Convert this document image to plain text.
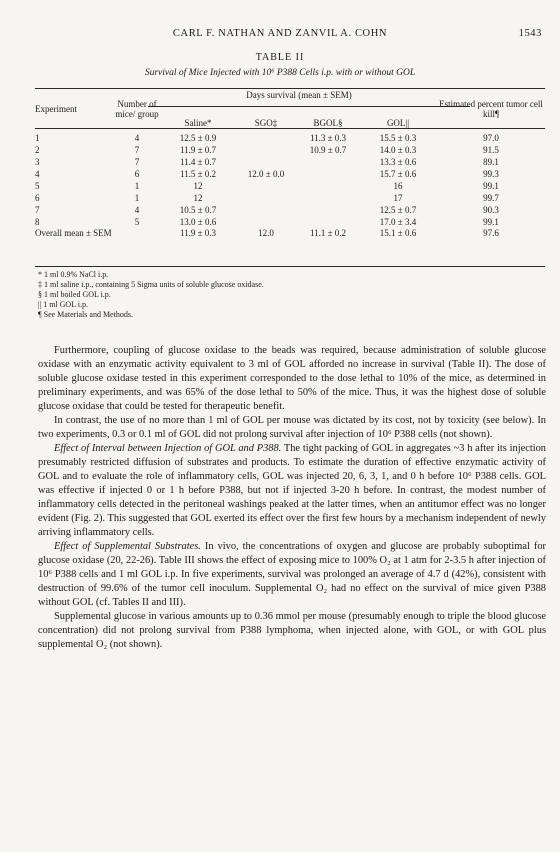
CARL F. NATHAN AND ZANVIL A. COHN	1543
TABLE II
Survival of Mice Injected with 10⁶ P388 Cells i.p. with or without GOL
Experiment	Number of mice/ group	Days survival (mean ± SEM)				Estimated percent tumor cell kill¶
		Saline*	SGO‡	BGOL§	GOL||	

1	4	12.5 ± 0.9		11.3 ± 0.3	15.5 ± 0.3	97.0
2	7	11.9 ± 0.7		10.9 ± 0.7	14.0 ± 0.3	91.5
3	7	11.4 ± 0.7			13.3 ± 0.6	89.1
4	6	11.5 ± 0.2	12.0 ± 0.0		15.7 ± 0.6	99.3
5	1	12			16	99.1
6	1	12			17	99.7
7	4	10.5 ± 0.7			12.5 ± 0.7	90.3
8	5	13.0 ± 0.6			17.0 ± 3.4	99.1
Overall mean ± SEM		11.9 ± 0.3	12.0	11.1 ± 0.2	15.1 ± 0.6	97.6
* 1 ml 0.9% NaCl i.p.
‡ 1 ml saline i.p., containing 5 Sigma units of soluble glucose oxidase.
§ 1 ml boiled GOL i.p.
|| 1 ml GOL i.p.
¶ See Materials and Methods.

Furthermore, coupling of glucose oxidase to the beads was required, because administration of soluble glucose oxidase with an enzymatic activity equivalent to 3 ml of GOL afforded no increase in survival (Table II). The dose of soluble glucose oxidase tested in this experiment corresponded to the dose lethal to 10% of the mice, as determined in preliminary experiments, and was 65% of the dose lethal to 50% of the mice. Thus, it was the highest dose of soluble glucose oxidase that could be tested for therapeutic benefit.

In contrast, the use of no more than 1 ml of GOL per mouse was dictated by its cost, not by toxicity (see below). In two experiments, 0.3 or 0.1 ml of GOL did not prolong survival after injection of 10⁶ P388 cells (not shown).

Effect of Interval between Injection of GOL and P388. The tight packing of GOL in aggregates ~3 h after its injection presumably restricted diffusion of substrates and products. To estimate the duration of effective enzymatic activity of GOL and to evaluate the role of inflammatory cells, GOL was injected 20, 6, 3, 1, and 0 h before 10⁶ P388 cells. GOL was effective if injected 0 or 1 h before P388, but not if injected 3-20 h before. In contrast, the modest number of inflammatory cells detected in the peritoneal washings peaked at the latter times, when an antitumor effect was no longer evident (Fig. 2). This suggested that GOL exerted its effect over the first few hours by a mechanism independent of newly arriving inflammatory cells.

Effect of Supplemental Substrates. In vivo, the concentrations of oxygen and glucose are probably suboptimal for glucose oxidase (20, 22-26). Table III shows the effect of exposing mice to 100% O₂ at 1 atm for 2-3.5 h after injection of 10⁶ P388 cells and 1 ml GOL i.p. In five experiments, survival was prolonged an average of 4.7 d (42%), consistent with destruction of 99.6% of the tumor cell inoculum. Supplemental O₂ had no effect on the survival of mice given P388 without GOL (cf. Tables II and III).

Supplemental glucose in various amounts up to 0.36 mmol per mouse (presumably enough to triple the blood glucose concentration) did not prolong survival from P388 lymphoma, when injected alone, with GOL, or with GOL plus supplemental O₂ (not shown).
